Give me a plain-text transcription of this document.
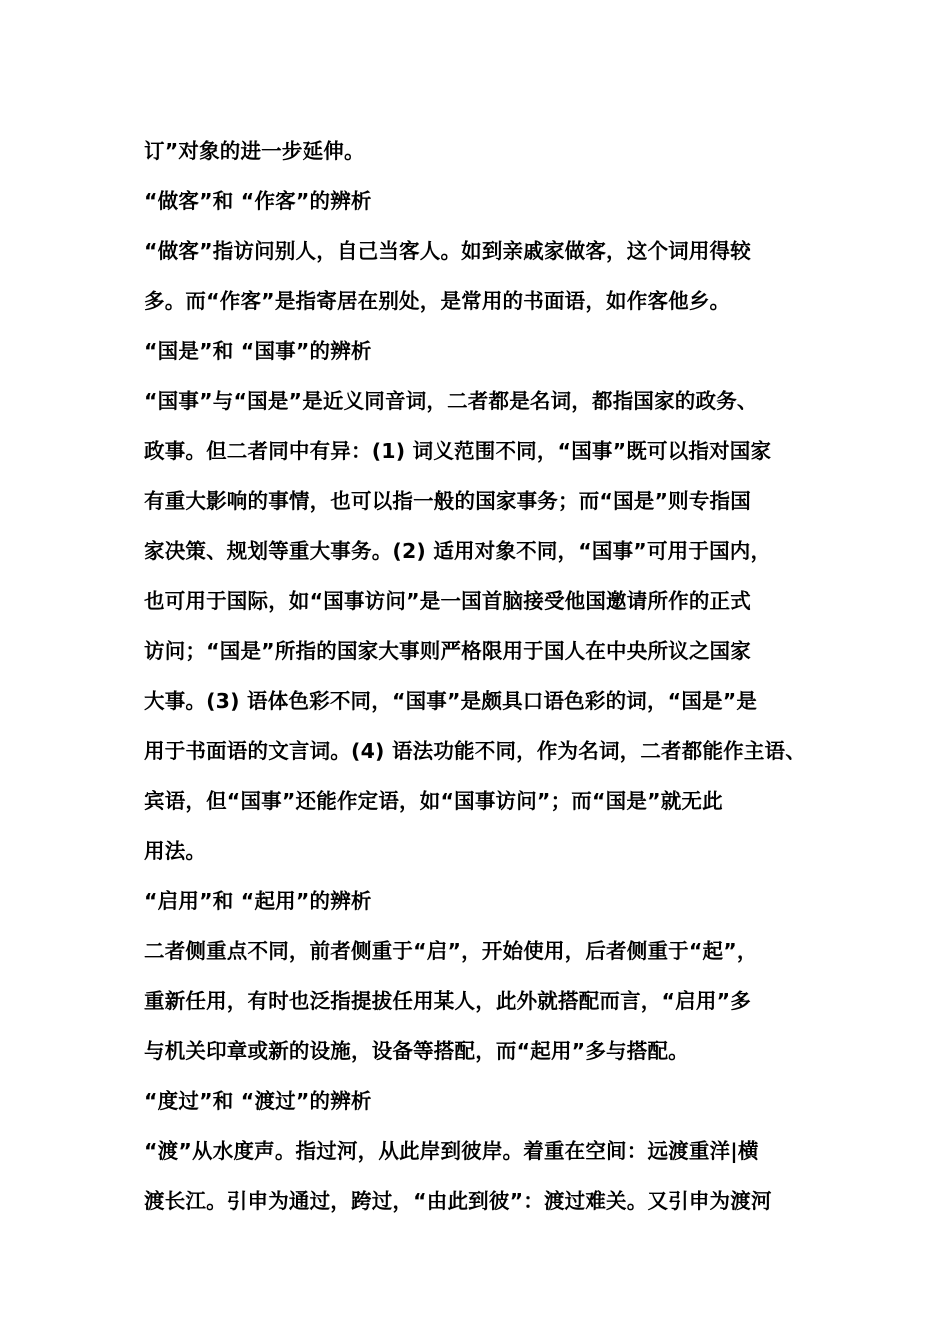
订”对象的进一步延伸。
“做客”和 “作客”的辨析
“做客”指访问别人，自己当客人。如到亲戚家做客，这个词用得较
多。而“作客”是指寄居在别处，是常用的书面语，如作客他乡。
“国是”和 “国事”的辨析
“国事”与“国是”是近义同音词，二者都是名词，都指国家的政务、
政事。但二者同中有异：(1) 词义范围不同，“国事”既可以指对国家
有重大影响的事情，也可以指一般的国家事务；而“国是”则专指国
家决策、规划等重大事务。(2) 适用对象不同，“国事”可用于国内，
也可用于国际，如“国事访问”是一国首脑接受他国邀请所作的正式
访问；“国是”所指的国家大事则严格限用于国人在中央所议之国家
大事。(3) 语体色彩不同，“国事”是颇具口语色彩的词，“国是”是
用于书面语的文言词。(4) 语法功能不同，作为名词，二者都能作主语、
宾语，但“国事”还能作定语，如“国事访问”；而“国是”就无此
用法。
“启用”和 “起用”的辨析
二者侧重点不同，前者侧重于“启”，开始使用，后者侧重于“起”，
重新任用，有时也泛指提拔任用某人，此外就搭配而言，“启用”多
与机关印章或新的设施，设备等搭配，而“起用”多与搭配。
“度过”和 “渡过”的辨析
“渡”从水度声。指过河，从此岸到彼岸。着重在空间：远渡重洋|横
渡长江。引申为通过，跨过，“由此到彼”：渡过难关。又引申为渡河
